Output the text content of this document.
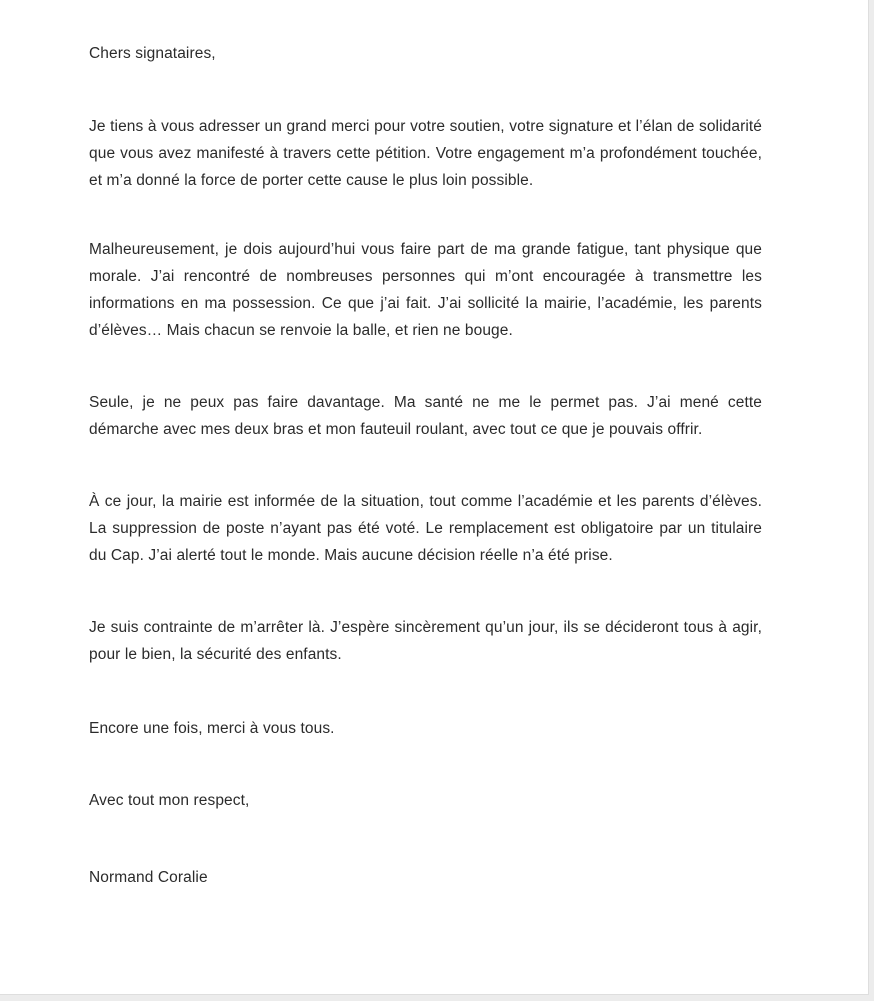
Chers signataires,

Je tiens à vous adresser un grand merci pour votre soutien, votre signature et l’élan de solidarité que vous avez manifesté à travers cette pétition. Votre engagement m’a profondément touchée, et m’a donné la force de porter cette cause le plus loin possible.

Malheureusement, je dois aujourd’hui vous faire part de ma grande fatigue, tant physique que morale. J’ai rencontré de nombreuses personnes qui m’ont encouragée à transmettre les informations en ma possession. Ce que j’ai fait. J’ai sollicité la mairie, l’académie, les parents d’élèves… Mais chacun se renvoie la balle, et rien ne bouge.

Seule, je ne peux pas faire davantage. Ma santé ne me le permet pas. J’ai mené cette démarche avec mes deux bras et mon fauteuil roulant, avec tout ce que je pouvais offrir.

À ce jour, la mairie est informée de la situation, tout comme l’académie et les parents d’élèves. La suppression de poste n’ayant pas été voté. Le remplacement est obligatoire par un titulaire du Cap. J’ai alerté tout le monde. Mais aucune décision réelle n’a été prise.

Je suis contrainte de m’arrêter là. J’espère sincèrement qu’un jour, ils se décideront tous à agir, pour le bien, la sécurité des enfants.

Encore une fois, merci à vous tous.

Avec tout mon respect,

Normand Coralie
